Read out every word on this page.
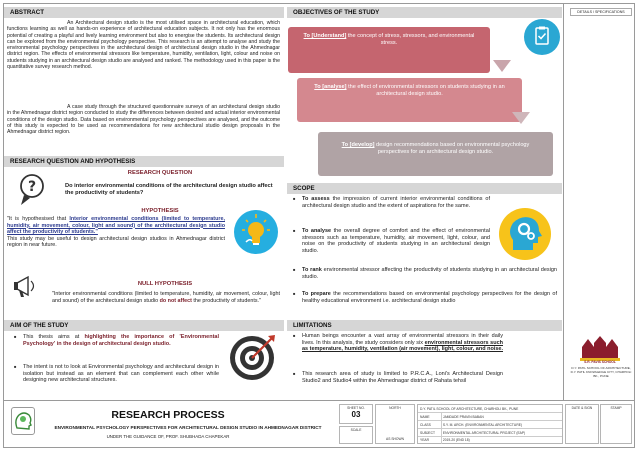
ABSTRACT
An Architectural design studio is the most utilised space in architectural education, which functions learning as well as hands-on experience of architectural education subjects. It not only has the enormous potential of creating a playful and lively learning environment but also to energise the students. Its architectural design can be explored from the environmental psychology perspective. This research is an attempt to analyse and study the environmental psychology perspectives in the architectural design of architectural design studio in the Ahmednagar district region. The effects of environmental stressors like temperature, humidity, ventilation, light, colour and noise on students studying in an architectural design studio are analysed and ranked. The methodology used in this paper is the quantitative survey research method.
A case study through the structured questionnaire surveys of an architectural design studio in the Ahmednagar district region conducted to study the differences between desired and actual interior environmental conditions of the design studio. Data based on environmental psychology perspectives are analysed, and the outcome of this study is expected to be used as recommendations for new architectural studio design proposals in the Ahmednagar district region.
OBJECTIVES OF THE STUDY
To [Understand] the concept of stress, stressors, and environmental stress.
To [analyse] the effect of environmental stressors on students studying in an architectural design studio.
To [develop] design recommendations based on environmental psychology perspectives for an architectural design studio.
RESEARCH QUESTION AND HYPOTHESIS
?
RESEARCH QUESTION
Do interior environmental conditions of the architectural design studio affect the productivity of students?
HYPOTHESIS
"It is hypothesised that Interior environmental conditions (limited to temperature, humidity, air movement, colour, light and sound) of the architectural design studio affect the productivity of students."
This study may be useful to design architectural design studios in Ahmednagar district region in near future.
NULL HYPOTHESIS
"Interior environmental conditions (limited to temperature, humidity, air movement, colour, light and sound) of the architectural design studio do not affect the productivity of students."
SCOPE
■ To assess the impression of current interior environmental conditions of architectural design studio and the extent of aspirations for the same.
■ To analyse the overall degree of comfort and the effect of environmental stressors such as temperature, humidity, air movement, light, colour, and noise on the productivity of students studying in an architectural design studio.
■ To rank environmental stressor affecting the productivity of students studying in an architectural design studio.
■ To prepare the recommendations based on environmental psychology perspectives for the design of healthy educational environment i.e. architectural design studio
AIM OF THE STUDY
■ This thesis aims at highlighting the importance of 'Environmental Psychology' in the design of architectural design studio.
■ The intent is not to look at Environmental psychology and architectural design in isolation but instead as an element that can complement each other while designing new architectural structures.
LIMITATIONS
■ Human beings encounter a vast array of environmental stressors in their daily lives. In this analysis, the study considers only six environmental stressors such as temperature, humidity, ventilation (air movement), light, colour, and noise.
■ This research area of study is limited to P.R.C.A., Loni's Architectural Design Studio2 and Studio4 within the Ahmednagar district of Rahata tehsil
DETAILS / SPECIFICATIONS
S.R. PAVIS SCHOOL
D.Y. PATIL SCHOOL OF ARCHITECTURE, D.Y. PATIL KNOWLEDGE CITY, CHARHOLI BK., PUNE
RESEARCH PROCESS
ENVIRONMENTAL PSYCHOLOGY PERSPECTIVES FOR ARCHITECTURAL DESIGN STUDIO IN AHMEDNAGAR DISTRICT
UNDER THE GUIDANCE OF, PROF. SHUBHADA CHAPEKAR
SHEET NO.
03
SCALE
NORTH
AS SHOWN
D.Y. PATIL SCHOOL OF ARCHITECTURE, CHARHOLI BK., PUNE
NAME	JAMDADE PRAVIN BABAN
CLASS	S.Y. M. ARCH. (ENVIRONMENTAL ARCHITECTURE)
SUBJECT ENVIRONMENTAL ARCHITECTURAL PROJECT (EAP)
YEAR	2019-20 (END 18)
DATE & SIGN	STAMP
